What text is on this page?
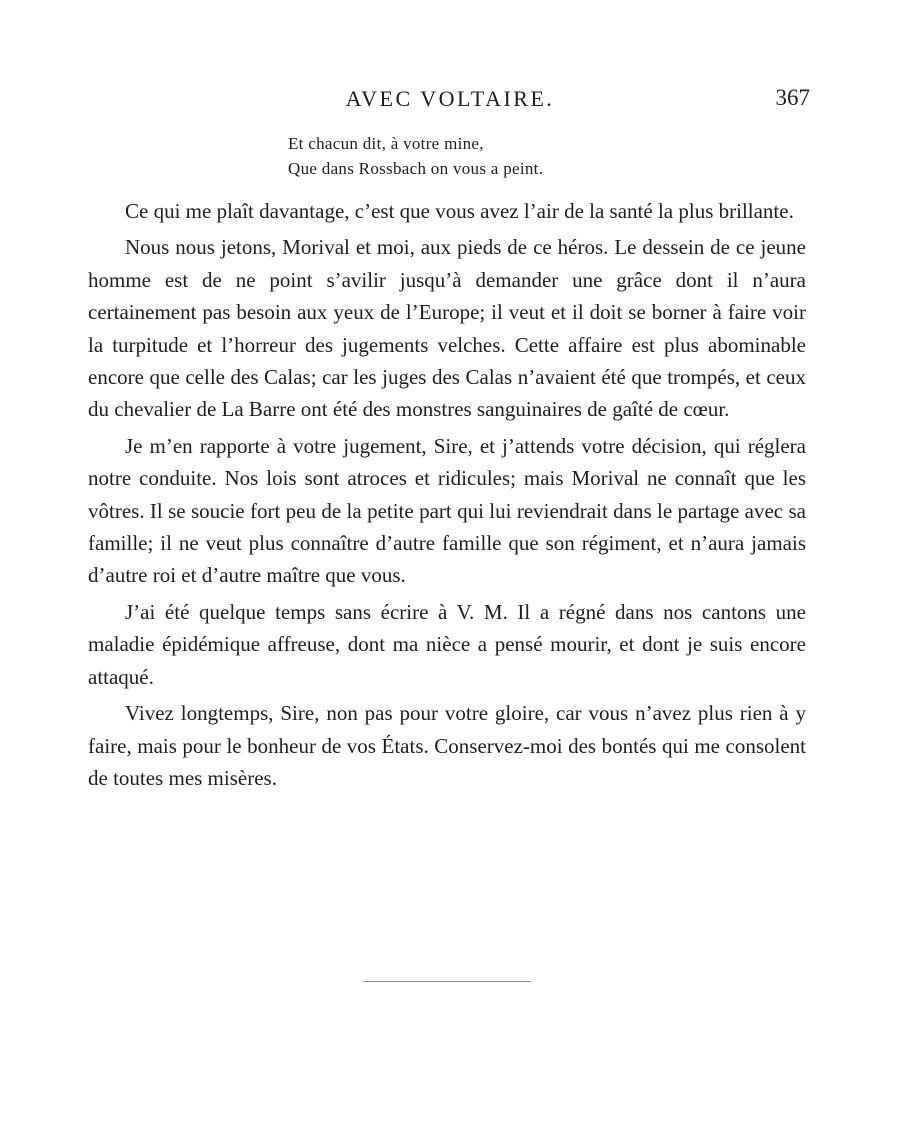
AVEC VOLTAIRE.	367
Et chacun dit, à votre mine,
Que dans Rossbach on vous a peint.

Ce qui me plaît davantage, c’est que vous avez l’air de la santé la plus brillante.

Nous nous jetons, Morival et moi, aux pieds de ce héros. Le dessein de ce jeune homme est de ne point s’avilir jusqu’à demander une grâce dont il n’aura certainement pas besoin aux yeux de l’Europe; il veut et il doit se borner à faire voir la turpitude et l’horreur des jugements velches. Cette affaire est plus abominable encore que celle des Calas; car les juges des Calas n’avaient été que trompés, et ceux du chevalier de La Barre ont été des monstres sanguinaires de gaîté de cœur.

Je m’en rapporte à votre jugement, Sire, et j’attends votre décision, qui réglera notre conduite. Nos lois sont atroces et ridicules; mais Morival ne connaît que les vôtres. Il se soucie fort peu de la petite part qui lui reviendrait dans le partage avec sa famille; il ne veut plus connaître d’autre famille que son régiment, et n’aura jamais d’autre roi et d’autre maître que vous.

J’ai été quelque temps sans écrire à V. M. Il a régné dans nos cantons une maladie épidémique affreuse, dont ma nièce a pensé mourir, et dont je suis encore attaqué.

Vivez longtemps, Sire, non pas pour votre gloire, car vous n’avez plus rien à y faire, mais pour le bonheur de vos États. Conservez-moi des bontés qui me consolent de toutes mes misères.
